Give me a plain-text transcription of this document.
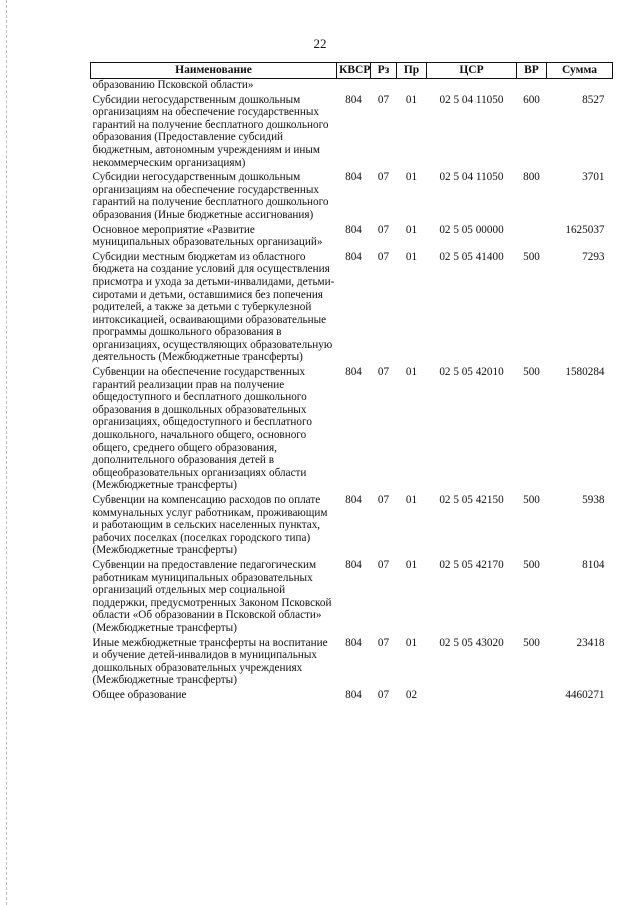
22
Наименование	КВСР	Рз	Пр	ЦСР	ВР	Сумма
образованию Псковской области»						
Субсидии негосударственным дошкольным организациям на обеспечение государственных гарантий на получение бесплатного дошкольного образования (Предоставление субсидий бюджетным, автономным учреждениям и иным некоммерческим организациям)	804	07	01	02 5 04 11050	600	8527
Субсидии негосударственным дошкольным организациям на обеспечение государственных гарантий на получение бесплатного дошкольного образования (Иные бюджетные ассигнования)	804	07	01	02 5 04 11050	800	3701
Основное мероприятие «Развитие муниципальных образовательных организаций»	804	07	01	02 5 05 00000		1625037
Субсидии местным бюджетам из областного бюджета на создание условий для осуществления присмотра и ухода за детьми-инвалидами, детьми-сиротами и детьми, оставшимися без попечения родителей, а также за детьми с туберкулезной интоксикацией, осваивающими образовательные программы дошкольного образования в организациях, осуществляющих образовательную деятельность (Межбюджетные трансферты)	804	07	01	02 5 05 41400	500	7293
Субвенции на обеспечение государственных гарантий реализации прав на получение общедоступного и бесплатного дошкольного образования в дошкольных образовательных организациях, общедоступного и бесплатного дошкольного, начального общего, основного общего, среднего общего образования, дополнительного образования детей в общеобразовательных организациях области (Межбюджетные трансферты)	804	07	01	02 5 05 42010	500	1580284
Субвенции на компенсацию расходов по оплате коммунальных услуг работникам, проживающим и работающим в сельских населенных пунктах, рабочих поселках (поселках городского типа) (Межбюджетные трансферты)	804	07	01	02 5 05 42150	500	5938
Субвенции на предоставление педагогическим работникам муниципальных образовательных организаций отдельных мер социальной поддержки, предусмотренных Законом Псковской области «Об образовании в Псковской области» (Межбюджетные трансферты)	804	07	01	02 5 05 42170	500	8104
Иные межбюджетные трансферты на воспитание и обучение детей-инвалидов в муниципальных дошкольных образовательных учреждениях (Межбюджетные трансферты)	804	07	01	02 5 05 43020	500	23418
Общее образование	804	07	02			4460271
